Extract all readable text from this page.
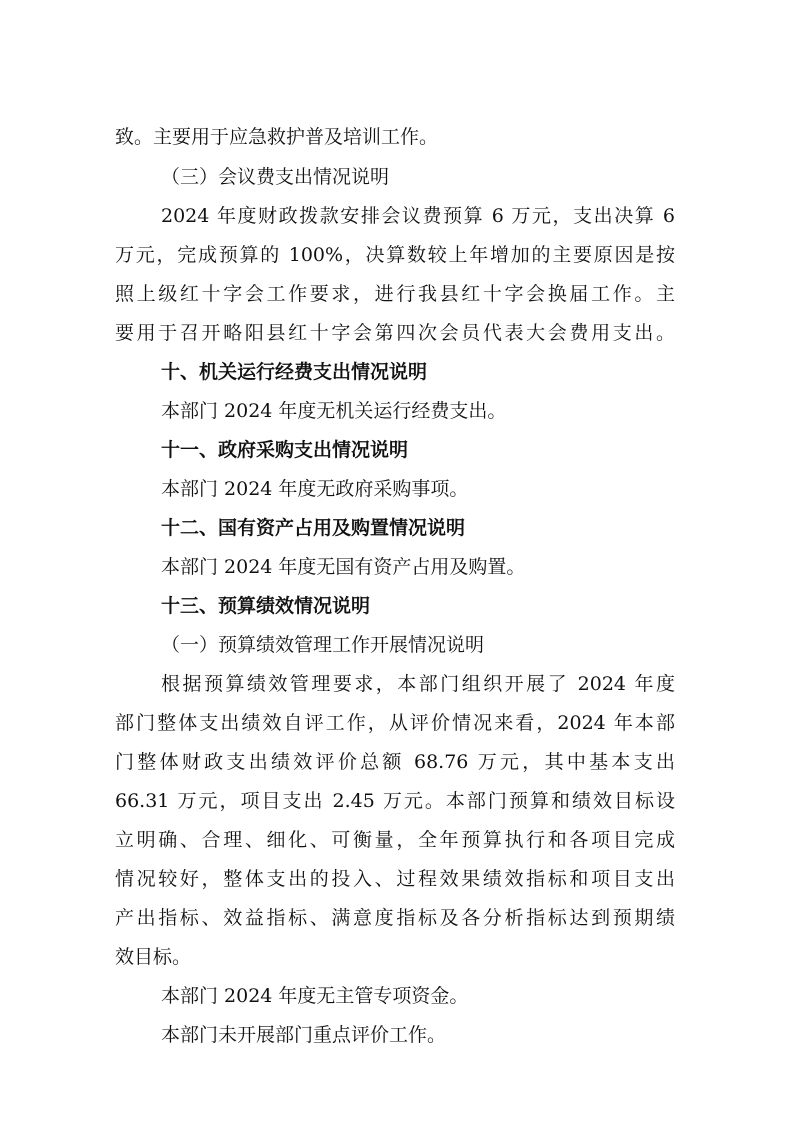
致。主要用于应急救护普及培训工作。

（三）会议费支出情况说明

2024 年度财政拨款安排会议费预算 6 万元，支出决算 6

万元，完成预算的 100%，决算数较上年增加的主要原因是按

照上级红十字会工作要求，进行我县红十字会换届工作。主

要用于召开略阳县红十字会第四次会员代表大会费用支出。

十、机关运行经费支出情况说明

本部门 2024 年度无机关运行经费支出。

十一、政府采购支出情况说明

本部门 2024 年度无政府采购事项。

十二、国有资产占用及购置情况说明

本部门 2024 年度无国有资产占用及购置。

十三、预算绩效情况说明

（一）预算绩效管理工作开展情况说明

根据预算绩效管理要求，本部门组织开展了 2024 年度

部门整体支出绩效自评工作，从评价情况来看，2024 年本部

门整体财政支出绩效评价总额 68.76 万元，其中基本支出

66.31 万元，项目支出 2.45 万元。本部门预算和绩效目标设

立明确、合理、细化、可衡量，全年预算执行和各项目完成

情况较好，整体支出的投入、过程效果绩效指标和项目支出

产出指标、效益指标、满意度指标及各分析指标达到预期绩

效目标。

本部门 2024 年度无主管专项资金。

本部门未开展部门重点评价工作。
